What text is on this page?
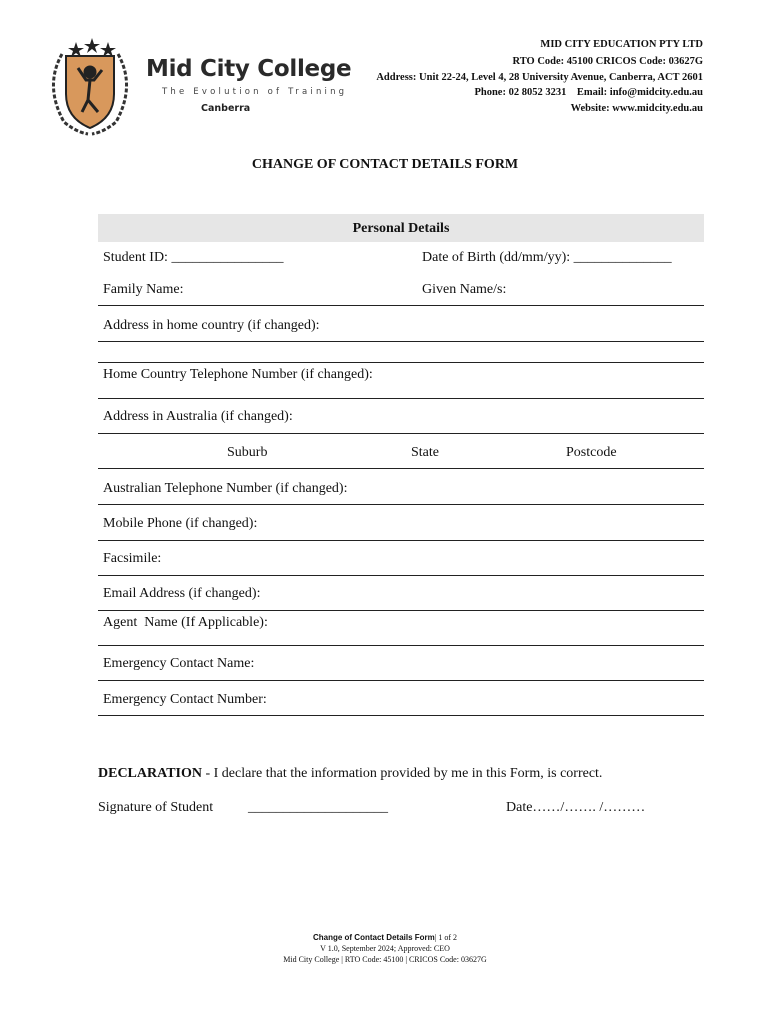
Mid City College
The Evolution of Training
Canberra
MID CITY EDUCATION PTY LTD
RTO Code: 45100 CRICOS Code: 03627G
Address: Unit 22-24, Level 4, 28 University Avenue, Canberra, ACT 2601
Phone: 02 8052 3231    Email: info@midcity.edu.au
Website: www.midcity.edu.au
CHANGE OF CONTACT DETAILS FORM
Personal Details
Student ID: ________________	Date of Birth (dd/mm/yy): ______________
Family Name:	Given Name/s:
Address in home country (if changed):
Home Country Telephone Number (if changed):
Address in Australia (if changed):
Suburb	State	Postcode
Australian Telephone Number (if changed):
Mobile Phone (if changed):
Facsimile:
Email Address (if changed):
Agent  Name (If Applicable):
Emergency Contact Name:
Emergency Contact Number:
DECLARATION - I declare that the information provided by me in this Form, is correct.
Signature of Student ____________________	Date……/……. /………
Change of Contact Details Form| 1 of 2
V 1.0, September 2024; Approved: CEO
Mid City College | RTO Code: 45100 | CRICOS Code: 03627G
